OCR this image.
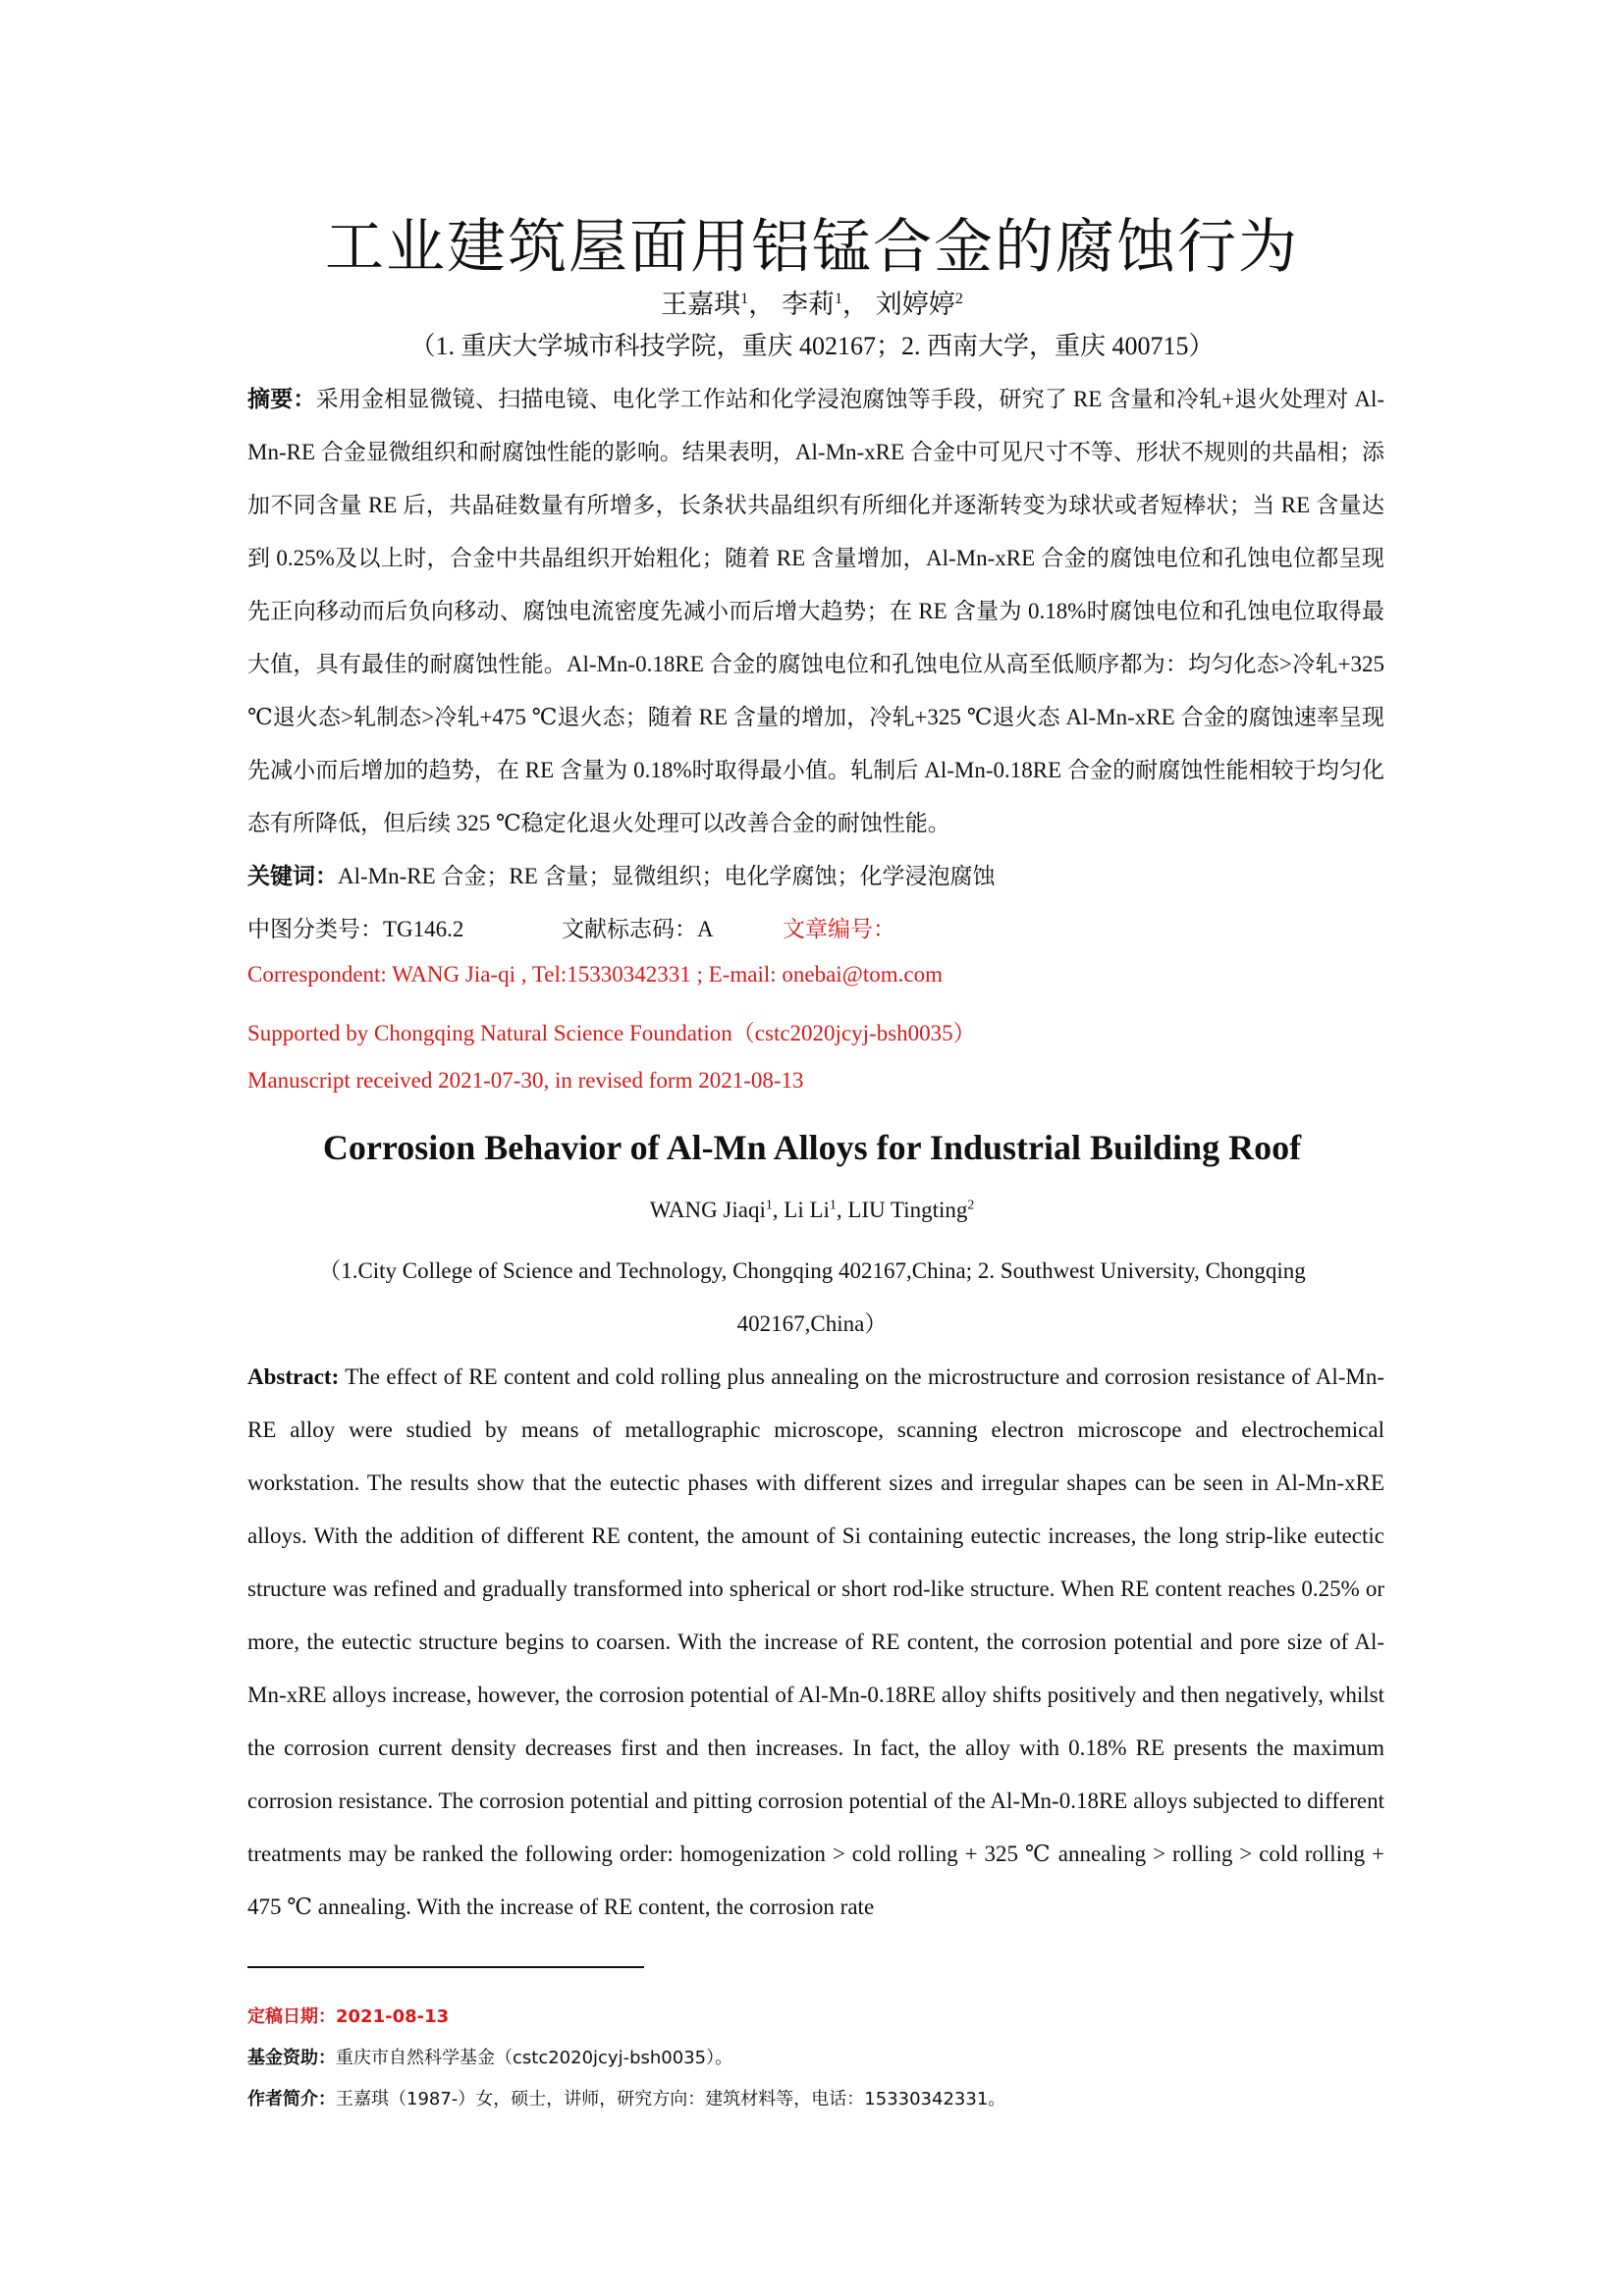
工业建筑屋面用铝锰合金的腐蚀行为
王嘉琪$^1$， 李莉$^1$， 刘婷婷$^2$
（1. 重庆大学城市科技学院，重庆 402167；2. 西南大学，重庆 400715）
摘要：采用金相显微镜、扫描电镜、电化学工作站和化学浸泡腐蚀等手段，研究了 RE 含量和冷轧+退火处理对 Al-Mn-RE 合金显微组织和耐腐蚀性能的影响。结果表明，Al-Mn-xRE 合金中可见尺寸不等、形状不规则的共晶相；添加不同含量 RE 后，共晶硅数量有所增多，长条状共晶组织有所细化并逐渐转变为球状或者短棒状；当 RE 含量达到 0.25%及以上时，合金中共晶组织开始粗化；随着 RE 含量增加，Al-Mn-xRE 合金的腐蚀电位和孔蚀电位都呈现先正向移动而后负向移动、腐蚀电流密度先减小而后增大趋势；在 RE 含量为 0.18%时腐蚀电位和孔蚀电位取得最大值，具有最佳的耐腐蚀性能。Al-Mn-0.18RE 合金的腐蚀电位和孔蚀电位从高至低顺序都为：均匀化态>冷轧+325 ℃退火态>轧制态>冷轧+475 ℃退火态；随着 RE 含量的增加，冷轧+325 ℃退火态 Al-Mn-xRE 合金的腐蚀速率呈现先减小而后增加的趋势，在 RE 含量为 0.18%时取得最小值。轧制后 Al-Mn-0.18RE 合金的耐腐蚀性能相较于均匀化态有所降低，但后续 325 ℃稳定化退火处理可以改善合金的耐蚀性能。
关键词：Al-Mn-RE 合金；RE 含量；显微组织；电化学腐蚀；化学浸泡腐蚀
中图分类号：TG146.2	文献标志码：A	文章编号：
Correspondent: WANG Jia-qi , Tel:15330342331 ; E-mail: onebai@tom.com
Supported by Chongqing Natural Science Foundation（cstc2020jcyj-bsh0035）
Manuscript received 2021-07-30, in revised form 2021-08-13
Corrosion Behavior of Al-Mn Alloys for Industrial Building Roof
WANG Jiaqi$^1$, Li Li$^1$, LIU Tingting$^2$
（1.City College of Science and Technology, Chongqing 402167,China; 2. Southwest University, Chongqing 402167,China）
Abstract: The effect of RE content and cold rolling plus annealing on the microstructure and corrosion resistance of Al-Mn-RE alloy were studied by means of metallographic microscope, scanning electron microscope and electrochemical workstation. The results show that the eutectic phases with different sizes and irregular shapes can be seen in Al-Mn-xRE alloys. With the addition of different RE content, the amount of Si containing eutectic increases, the long strip-like eutectic structure was refined and gradually transformed into spherical or short rod-like structure. When RE content reaches 0.25% or more, the eutectic structure begins to coarsen. With the increase of RE content, the corrosion potential and pore size of Al-Mn-xRE alloys increase, however, the corrosion potential of Al-Mn-0.18RE alloy shifts positively and then negatively, whilst the corrosion current density decreases first and then increases. In fact, the alloy with 0.18% RE presents the maximum corrosion resistance. The corrosion potential and pitting corrosion potential of the Al-Mn-0.18RE alloys subjected to different treatments may be ranked the following order: homogenization > cold rolling + 325 ℃ annealing > rolling > cold rolling + 475 ℃ annealing. With the increase of RE content, the corrosion rate
定稿日期：2021-08-13
基金资助：重庆市自然科学基金（cstc2020jcyj-bsh0035）。
作者简介：王嘉琪（1987-）女，硕士，讲师，研究方向：建筑材料等，电话：15330342331。
